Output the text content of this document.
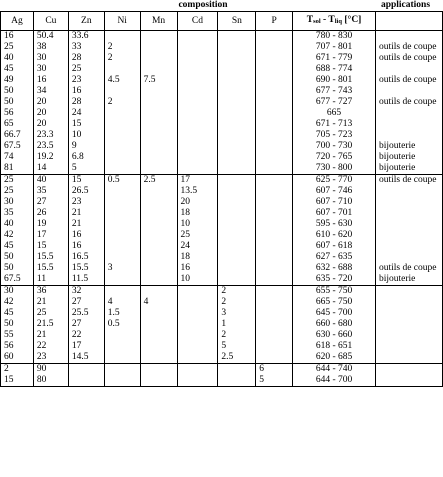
composition	applications
Ag	Cu	Zn	Ni	Mn	Cd	Sn	P	Tsol - Tliq [°C]	
16	50.4	33.6						780 - 830	
25	38	33	2					707 - 801	outils de coupe
40	30	28	2					671 - 779	outils de coupe
45	30	25						688 - 774	
49	16	23	4.5	7.5				690 - 801	outils de coupe
50	34	16						677 - 743	
50	20	28	2					677 - 727	outils de coupe
56	20	24						665	
65	20	15						671 - 713	
66.7	23.3	10						705 - 723	
67.5	23.5	9						700 - 730	bijouterie
74	19.2	6.8						720 - 765	bijouterie
81	14	5						730 - 800	bijouterie
25	40	15	0.5	2.5	17			625 - 770	outils de coupe
25	35	26.5			13.5			607 - 746	
30	27	23			20			607 - 710	
35	26	21			18			607 - 701	
40	19	21			10			595 - 630	
42	17	16			25			610 - 620	
45	15	16			24			607 - 618	
50	15.5	16.5			18			627 - 635	
50	15.5	15.5	3		16			632 - 688	outils de coupe
67.5	11	11.5			10			635 - 720	bijouterie
30	36	32				2		655 - 750	
42	21	27	4	4		2		665 - 750	
45	25	25.5	1.5			3		645 - 700	
50	21.5	27	0.5			1		660 - 680	
55	21	22				2		630 - 660	
56	22	17				5		618 - 651	
60	23	14.5				2.5		620 - 685	
2	90						6	644 - 740	
15	80						5	644 - 700	
